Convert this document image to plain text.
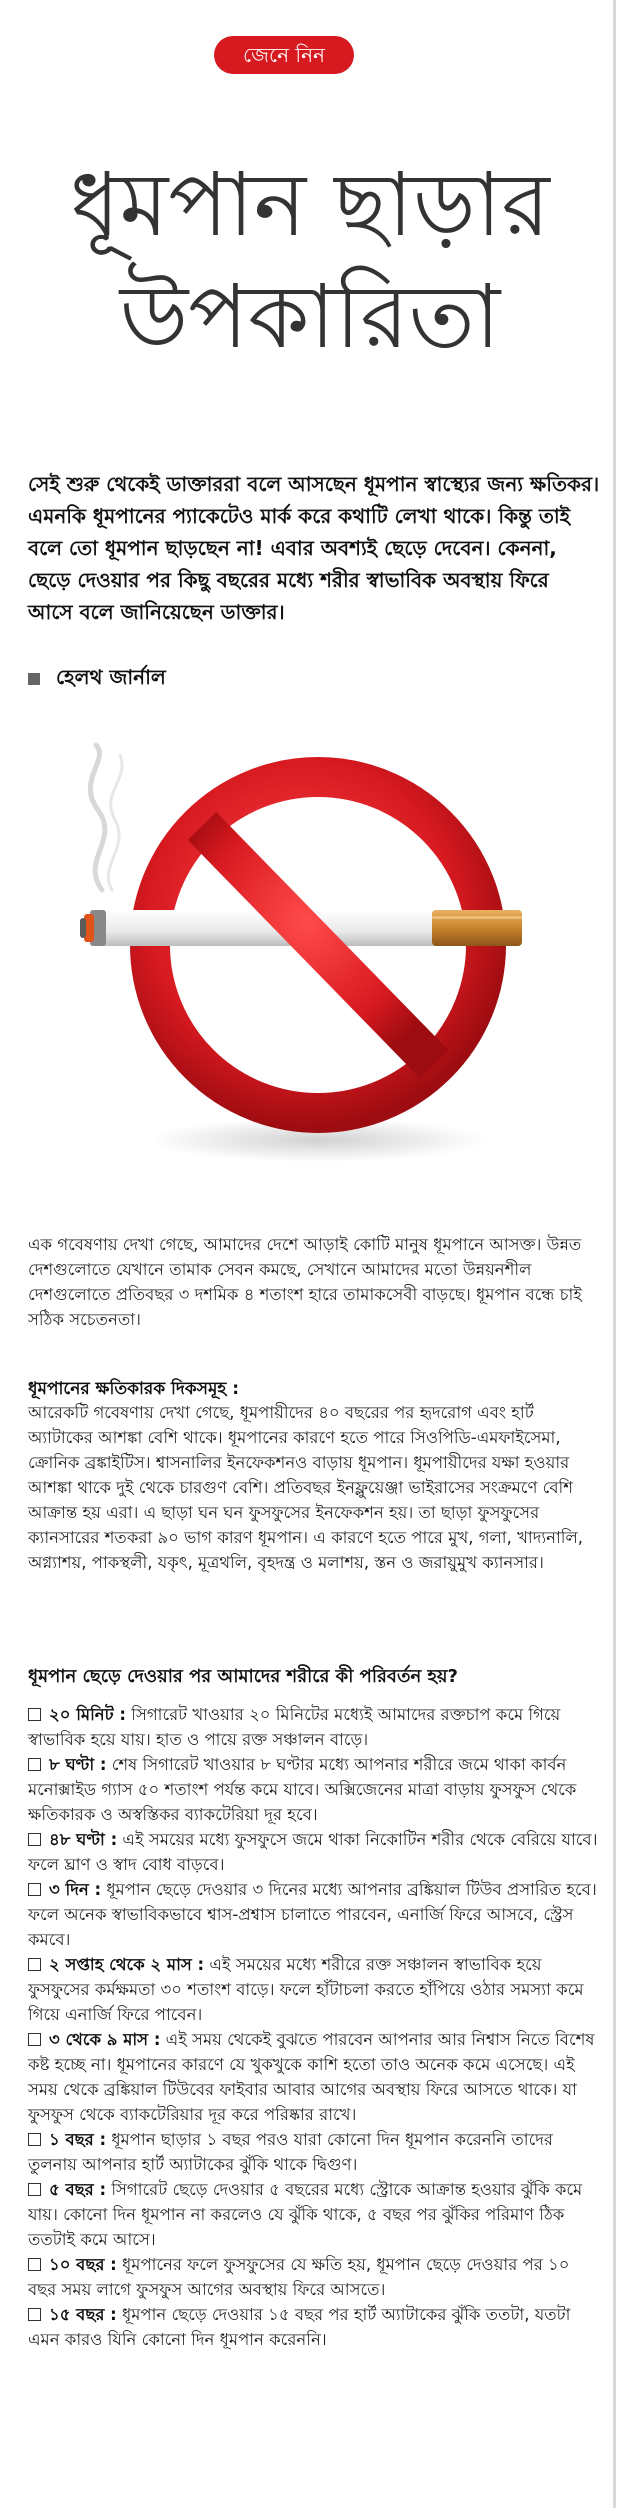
জেনে নিন
ধূমপান ছাড়ার
উপকারিতা

সেই শুরু থেকেই ডাক্তাররা বলে আসছেন ধূমপান স্বাস্থ্যের জন্য ক্ষতিকর। এমনকি ধূমপানের প্যাকেটেও মার্ক করে কথাটি লেখা থাকে। কিন্তু তাই বলে তো ধূমপান ছাড়ছেন না! এবার অবশ্যই ছেড়ে দেবেন। কেননা, ছেড়ে দেওয়ার পর কিছু বছরের মধ্যে শরীর স্বাভাবিক অবস্থায় ফিরে আসে বলে জানিয়েছেন ডাক্তার।

হেলথ জার্নাল

এক গবেষণায় দেখা গেছে, আমাদের দেশে আড়াই কোটি মানুষ ধূমপানে আসক্ত। উন্নত দেশগুলোতে যেখানে তামাক সেবন কমছে, সেখানে আমাদের মতো উন্নয়নশীল দেশগুলোতে প্রতিবছর ৩ দশমিক ৪ শতাংশ হারে তামাকসেবী বাড়ছে। ধূমপান বন্ধে চাই সঠিক সচেতনতা।

ধূমপানের ক্ষতিকারক দিকসমূহ :

আরেকটি গবেষণায় দেখা গেছে, ধূমপায়ীদের ৪০ বছরের পর হৃদরোগ এবং হার্ট অ্যাটাকের আশঙ্কা বেশি থাকে। ধূমপানের কারণে হতে পারে সিওপিডি-এমফাইসেমা, ক্রোনিক ব্রঙ্কাইটিস। শ্বাসনালির ইনফেকশনও বাড়ায় ধূমপান। ধূমপায়ীদের যক্ষা হওয়ার আশঙ্কা থাকে দুই থেকে চারগুণ বেশি। প্রতিবছর ইনফ্লুয়েঞ্জা ভাইরাসের সংক্রমণে বেশি আক্রান্ত হয় এরা। এ ছাড়া ঘন ঘন ফুসফুসের ইনফেকশন হয়। তা ছাড়া ফুসফুসের ক্যানসারের শতকরা ৯০ ভাগ কারণ ধূমপান। এ কারণে হতে পারে মুখ, গলা, খাদ্যনালি, অগ্ন্যাশয়, পাকস্থলী, যকৃৎ, মূত্রথলি, বৃহদন্ত্র ও মলাশয়, স্তন ও জরায়ুমুখ ক্যানসার।

ধূমপান ছেড়ে দেওয়ার পর আমাদের শরীরে কী পরিবর্তন হয়?

২০ মিনিট : সিগারেট খাওয়ার ২০ মিনিটের মধ্যেই আমাদের রক্তচাপ কমে গিয়ে স্বাভাবিক হয়ে যায়। হাত ও পায়ে রক্ত সঞ্চালন বাড়ে।

৮ ঘণ্টা : শেষ সিগারেট খাওয়ার ৮ ঘণ্টার মধ্যে আপনার শরীরে জমে থাকা কার্বন মনোক্সাইড গ্যাস ৫০ শতাংশ পর্যন্ত কমে যাবে। অক্সিজেনের মাত্রা বাড়ায় ফুসফুস থেকে ক্ষতিকারক ও অস্বস্তিকর ব্যাকটেরিয়া দূর হবে।

৪৮ ঘণ্টা : এই সময়ের মধ্যে ফুসফুসে জমে থাকা নিকোটিন শরীর থেকে বেরিয়ে যাবে। ফলে ঘ্রাণ ও স্বাদ বোধ বাড়বে।

৩ দিন : ধূমপান ছেড়ে দেওয়ার ৩ দিনের মধ্যে আপনার ব্রঙ্কিয়াল টিউব প্রসারিত হবে। ফলে অনেক স্বাভাবিকভাবে শ্বাস-প্রশ্বাস চালাতে পারবেন, এনার্জি ফিরে আসবে, স্ট্রেস কমবে।

২ সপ্তাহ থেকে ২ মাস : এই সময়ের মধ্যে শরীরে রক্ত সঞ্চালন স্বাভাবিক হয়ে ফুসফুসের কর্মক্ষমতা ৩০ শতাংশ বাড়ে। ফলে হাঁটাচলা করতে হাঁপিয়ে ওঠার সমস্যা কমে গিয়ে এনার্জি ফিরে পাবেন।

৩ থেকে ৯ মাস : এই সময় থেকেই বুঝতে পারবেন আপনার আর নিশ্বাস নিতে বিশেষ কষ্ট হচ্ছে না। ধূমপানের কারণে যে খুকখুকে কাশি হতো তাও অনেক কমে এসেছে। এই সময় থেকে ব্রঙ্কিয়াল টিউবের ফাইবার আবার আগের অবস্থায় ফিরে আসতে থাকে। যা ফুসফুস থেকে ব্যাকটেরিয়ার দূর করে পরিষ্কার রাখে।

১ বছর : ধূমপান ছাড়ার ১ বছর পরও যারা কোনো দিন ধূমপান করেননি তাদের তুলনায় আপনার হার্ট অ্যাটাকের ঝুঁকি থাকে দ্বিগুণ।

৫ বছর : সিগারেট ছেড়ে দেওয়ার ৫ বছরের মধ্যে স্ট্রোকে আক্রান্ত হওয়ার ঝুঁকি কমে যায়। কোনো দিন ধূমপান না করলেও যে ঝুঁকি থাকে, ৫ বছর পর ঝুঁকির পরিমাণ ঠিক ততটাই কমে আসে।

১০ বছর : ধূমপানের ফলে ফুসফুসের যে ক্ষতি হয়, ধূমপান ছেড়ে দেওয়ার পর ১০ বছর সময় লাগে ফুসফুস আগের অবস্থায় ফিরে আসতে।

১৫ বছর : ধূমপান ছেড়ে দেওয়ার ১৫ বছর পর হার্ট অ্যাটাকের ঝুঁকি ততটা, যতটা এমন কারও যিনি কোনো দিন ধূমপান করেননি।
